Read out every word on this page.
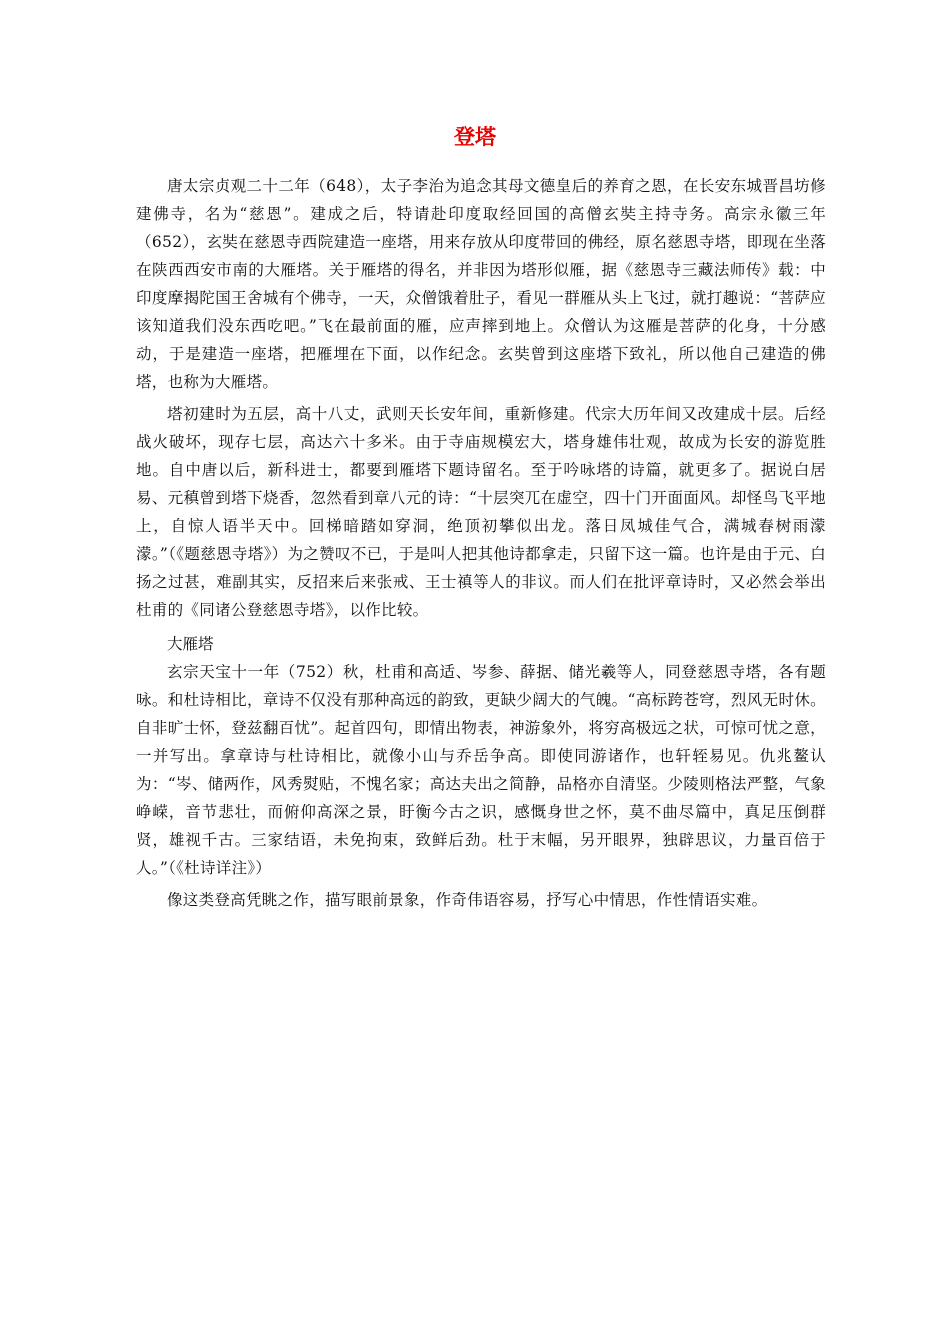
登塔

唐太宗贞观二十二年（648），太子李治为追念其母文德皇后的养育之恩，在长安东城晋昌坊修建佛寺，名为“慈恩”。建成之后，特请赴印度取经回国的高僧玄奘主持寺务。高宗永徽三年（652），玄奘在慈恩寺西院建造一座塔，用来存放从印度带回的佛经，原名慈恩寺塔，即现在坐落在陕西西安市南的大雁塔。关于雁塔的得名，并非因为塔形似雁，据《慈恩寺三藏法师传》载：中印度摩揭陀国王舍城有个佛寺，一天，众僧饿着肚子，看见一群雁从头上飞过，就打趣说：“菩萨应该知道我们没东西吃吧。”飞在最前面的雁，应声摔到地上。众僧认为这雁是菩萨的化身，十分感动，于是建造一座塔，把雁埋在下面，以作纪念。玄奘曾到这座塔下致礼，所以他自己建造的佛塔，也称为大雁塔。

塔初建时为五层，高十八丈，武则天长安年间，重新修建。代宗大历年间又改建成十层。后经战火破坏，现存七层，高达六十多米。由于寺庙规模宏大，塔身雄伟壮观，故成为长安的游览胜地。自中唐以后，新科进士，都要到雁塔下题诗留名。至于吟咏塔的诗篇，就更多了。据说白居易、元稹曾到塔下烧香，忽然看到章八元的诗：“十层突兀在虚空，四十门开面面风。却怪鸟飞平地上，自惊人语半天中。回梯暗踏如穿洞，绝顶初攀似出龙。落日凤城佳气合，满城春树雨濛濛。”（《题慈恩寺塔》）为之赞叹不已，于是叫人把其他诗都拿走，只留下这一篇。也许是由于元、白扬之过甚，难副其实，反招来后来张戒、王士禛等人的非议。而人们在批评章诗时，又必然会举出杜甫的《同诸公登慈恩寺塔》，以作比较。

大雁塔

玄宗天宝十一年（752）秋，杜甫和高适、岑参、薛据、储光羲等人，同登慈恩寺塔，各有题咏。和杜诗相比，章诗不仅没有那种高远的韵致，更缺少阔大的气魄。“高标跨苍穹，烈风无时休。自非旷士怀，登兹翻百忧”。起首四句，即情出物表，神游象外，将穷高极远之状，可惊可忧之意，一并写出。拿章诗与杜诗相比，就像小山与乔岳争高。即使同游诸作，也轩轾易见。仇兆鳌认为：“岑、储两作，风秀熨贴，不愧名家；高达夫出之简静，品格亦自清坚。少陵则格法严整，气象峥嵘，音节悲壮，而俯仰高深之景，盱衡今古之识，感慨身世之怀，莫不曲尽篇中，真足压倒群贤，雄视千古。三家结语，未免拘束，致鲜后劲。杜于末幅，另开眼界，独辟思议，力量百倍于人。”（《杜诗详注》）

像这类登高凭眺之作，描写眼前景象，作奇伟语容易，抒写心中情思，作性情语实难。
